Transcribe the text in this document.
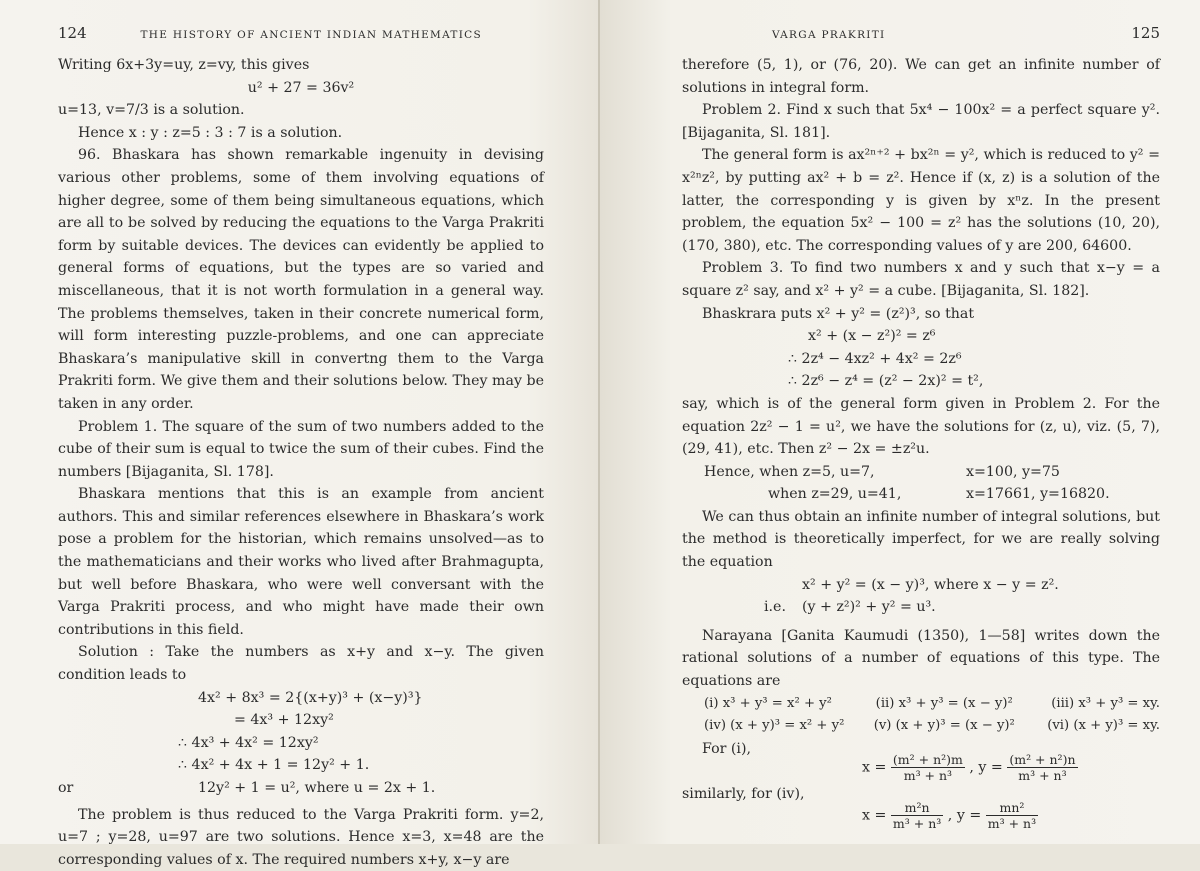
124	THE HISTORY OF ANCIENT INDIAN MATHEMATICS

Writing 6x+3y=uy, z=vy, this gives

u² + 27 = 36v²

u=13, v=7/3 is a solution.

Hence x : y : z=5 : 3 : 7 is a solution.

96. Bhaskara has shown remarkable ingenuity in devising various other problems, some of them involving equations of higher degree, some of them being simultaneous equations, which are all to be solved by reducing the equations to the Varga Prakriti form by suitable devices. The devices can evidently be applied to general forms of equations, but the types are so varied and miscellaneous, that it is not worth formulation in a general way. The problems themselves, taken in their concrete numerical form, will form interesting puzzle-problems, and one can appreciate Bhaskara’s manipulative skill in convertng them to the Varga Prakriti form. We give them and their solutions below. They may be taken in any order.

Problem 1. The square of the sum of two numbers added to the cube of their sum is equal to twice the sum of their cubes. Find the numbers [Bijaganita, Sl. 178].

Bhaskara mentions that this is an example from ancient authors. This and similar references elsewhere in Bhaskara’s work pose a problem for the historian, which remains unsolved—as to the mathematicians and their works who lived after Brahmagupta, but well before Bhaskara, who were well conversant with the Varga Prakriti process, and who might have made their own contributions in this field.

Solution : Take the numbers as x+y and x−y. The given condition leads to

4x² + 8x³ = 2{(x+y)³ + (x−y)³}
= 4x³ + 12xy²
∴ 4x³ + 4x² = 12xy²
∴ 4x² + 4x + 1 = 12y² + 1.
or	12y² + 1 = u², where u = 2x + 1.

The problem is thus reduced to the Varga Prakriti form. y=2, u=7 ; y=28, u=97 are two solutions. Hence x=3, x=48 are the corresponding values of x. The required numbers x+y, x−y are

VARGA PRAKRITI	125

therefore (5, 1), or (76, 20). We can get an infinite number of solutions in integral form.

Problem 2. Find x such that 5x⁴ − 100x² = a perfect square y². [Bijaganita, Sl. 181].

The general form is ax²ⁿ⁺² + bx²ⁿ = y², which is reduced to y² = x²ⁿz², by putting ax² + b = z². Hence if (x, z) is a solution of the latter, the corresponding y is given by xⁿz. In the present problem, the equation 5x² − 100 = z² has the solutions (10, 20), (170, 380), etc. The corresponding values of y are 200, 64600.

Problem 3. To find two numbers x and y such that x−y = a square z² say, and x² + y² = a cube. [Bijaganita, Sl. 182].

Bhaskrara puts x² + y² = (z²)³, so that

x² + (x − z²)² = z⁶
∴ 2z⁴ − 4xz² + 4x² = 2z⁶
∴ 2z⁶ − z⁴ = (z² − 2x)² = t²,

say, which is of the general form given in Problem 2. For the equation 2z² − 1 = u², we have the solutions for (z, u), viz. (5, 7), (29, 41), etc. Then z² − 2x = ±z²u.

Hence, when z=5, u=7,	x=100, y=75
when z=29, u=41,	x=17661, y=16820.

We can thus obtain an infinite number of integral solutions, but the method is theoretically imperfect, for we are really solving the equation

x² + y² = (x − y)³, where x − y = z².
i.e.	(y + z²)² + y² = u³.

Narayana [Ganita Kaumudi (1350), 1—58] writes down the rational solutions of a number of equations of this type. The equations are

(i) x³ + y³ = x² + y²	(ii) x³ + y³ = (x − y)²	(iii) x³ + y³ = xy.
(iv) (x + y)³ = x² + y²	(v) (x + y)³ = (x − y)²	(vi) (x + y)³ = xy.

For (i),

$x = \frac{\text{(m² + n²)m}}{\text{m³ + n³}}$ , $y = \frac{\text{(m² + n²)n}}{\text{m³ + n³}}$

similarly, for (iv),

$x = \frac{\text{m²n}}{\text{m³ + n³}}$ , $y = \frac{\text{mn²}}{\text{m³ + n³}}$
